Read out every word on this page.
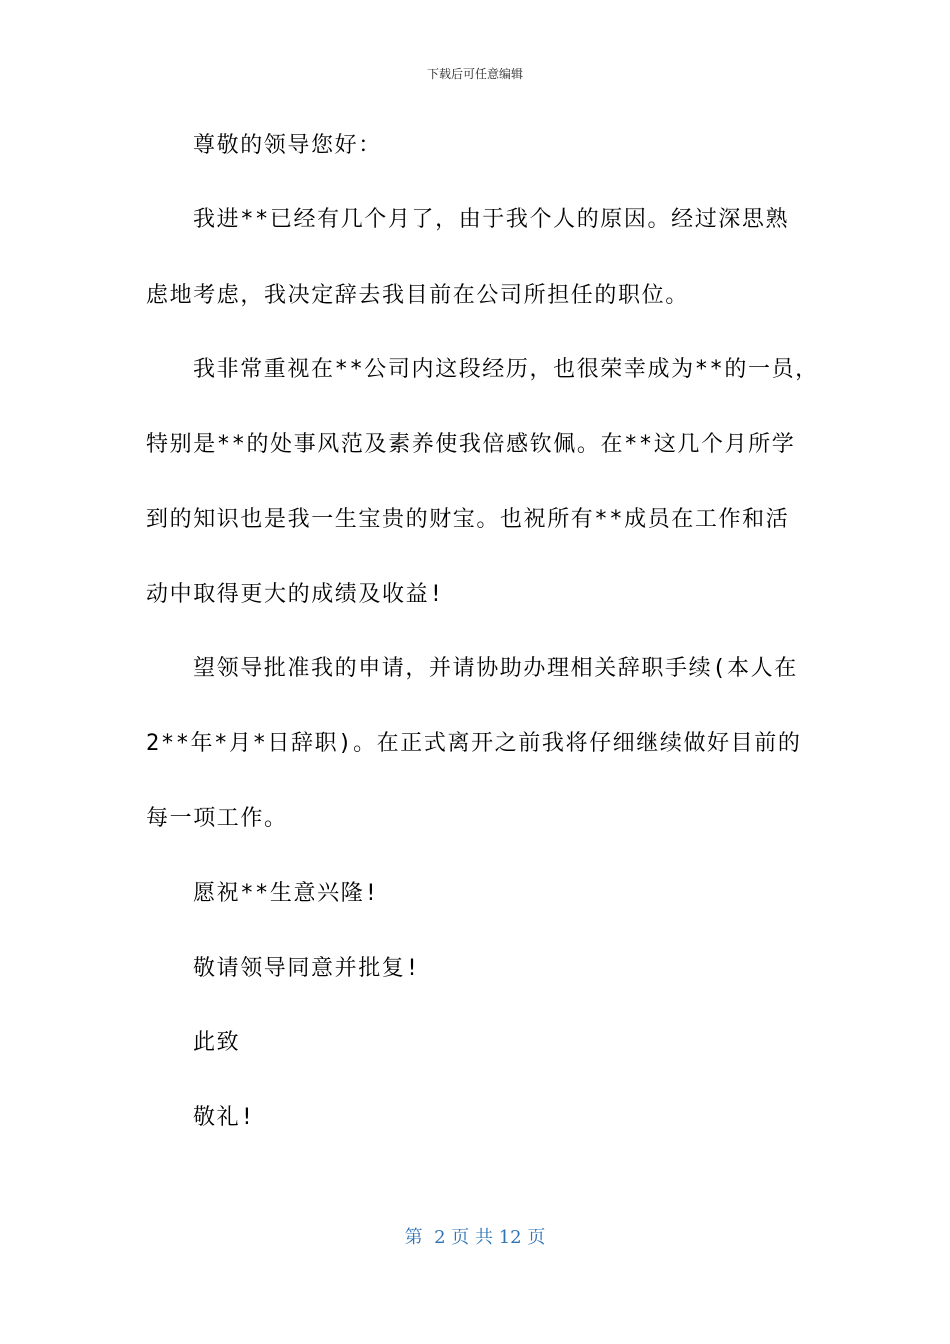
下载后可任意编辑
尊敬的领导您好：
我进**已经有几个月了，由于我个人的原因。经过深思熟
虑地考虑，我决定辞去我目前在公司所担任的职位。
我非常重视在**公司内这段经历，也很荣幸成为**的一员，
特别是**的处事风范及素养使我倍感钦佩。在**这几个月所学
到的知识也是我一生宝贵的财宝。也祝所有**成员在工作和活
动中取得更大的成绩及收益!
望领导批准我的申请，并请协助办理相关辞职手续(本人在
2**年*月*日辞职)。在正式离开之前我将仔细继续做好目前的
每一项工作。
愿祝**生意兴隆!
敬请领导同意并批复!
此致
敬礼!
第  2 页 共 12 页
